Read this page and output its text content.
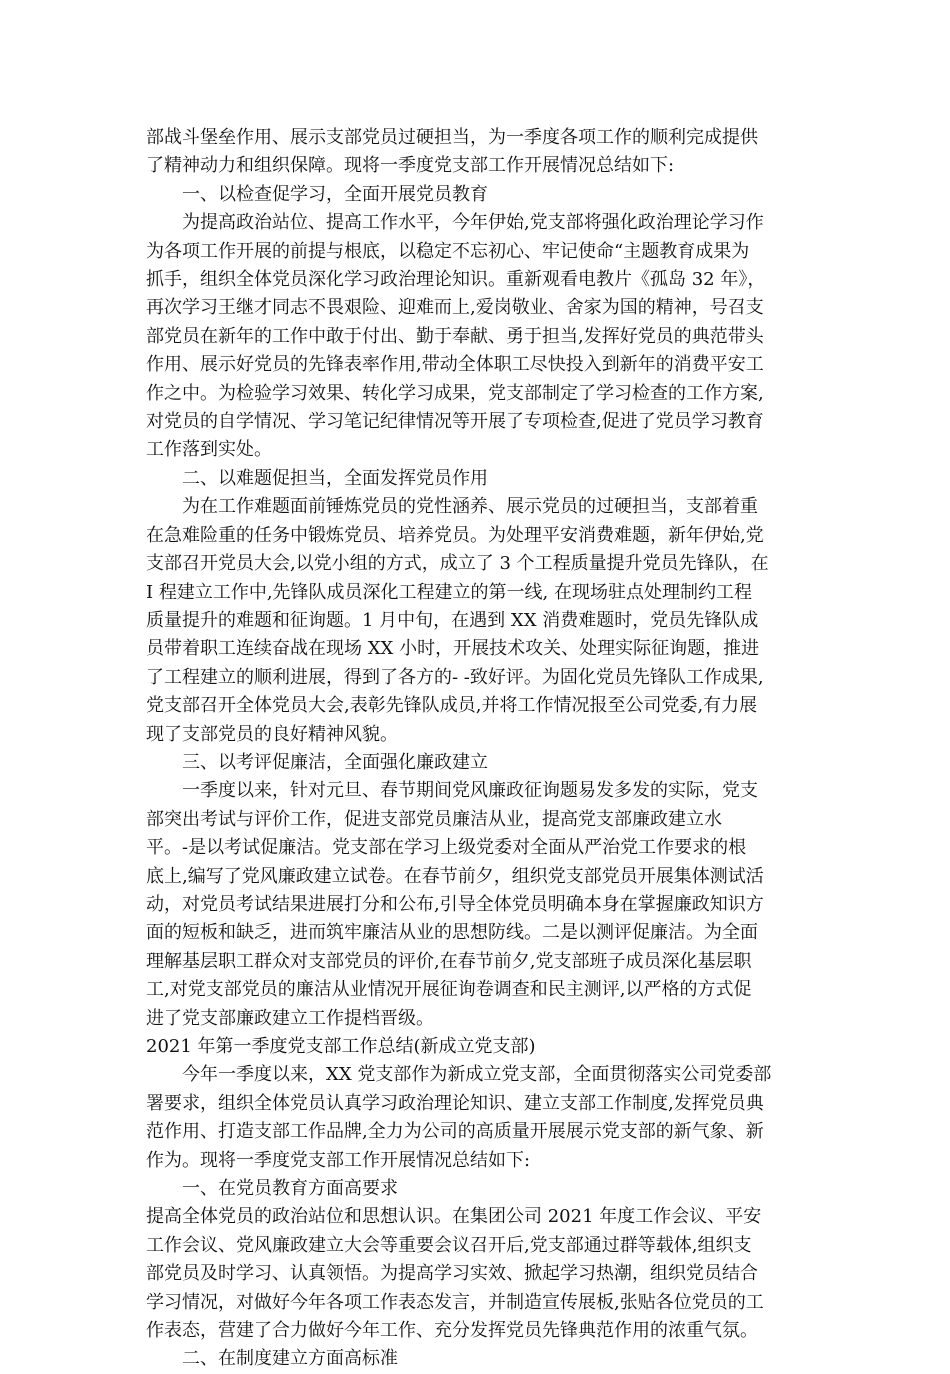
部战斗堡垒作用、展示支部党员过硬担当，为一季度各项工作的顺利完成提供
了精神动力和组织保障。现将一季度党支部工作开展情况总结如下:
一、以检查促学习，全面开展党员教育
为提高政治站位、提高工作水平，今年伊始,党支部将强化政治理论学习作
为各项工作开展的前提与根底，以稳定不忘初心、牢记使命“主题教育成果为
抓手，组织全体党员深化学习政治理论知识。重新观看电教片《孤岛 32 年》，
再次学习王继才同志不畏艰险、迎难而上,爱岗敬业、舍家为国的精神，号召支
部党员在新年的工作中敢于付出、勤于奉献、勇于担当,发挥好党员的典范带头
作用、展示好党员的先锋表率作用,带动全体职工尽快投入到新年的消费平安工
作之中。为检验学习效果、转化学习成果，党支部制定了学习检查的工作方案,
对党员的自学情况、学习笔记纪律情况等开展了专项检查,促进了党员学习教育
工作落到实处。
二、以难题促担当，全面发挥党员作用
为在工作难题面前锤炼党员的党性涵养、展示党员的过硬担当，支部着重
在急难险重的任务中锻炼党员、培养党员。为处理平安消费难题，新年伊始,党
支部召开党员大会,以党小组的方式，成立了 3 个工程质量提升党员先锋队，在
I 程建立工作中,先锋队成员深化工程建立的第一线, 在现场驻点处理制约工程
质量提升的难题和征询题。1 月中旬，在遇到 XX 消费难题时，党员先锋队成
员带着职工连续奋战在现场 XX 小时，开展技术攻关、处理实际征询题，推进
了工程建立的顺利进展，得到了各方的- -致好评。为固化党员先锋队工作成果,
党支部召开全体党员大会,表彰先锋队成员,并将工作情况报至公司党委,有力展
现了支部党员的良好精神风貌。
三、以考评促廉洁，全面强化廉政建立
一季度以来，针对元旦、春节期间党风廉政征询题易发多发的实际，党支
部突出考试与评价工作，促进支部党员廉洁从业，提高党支部廉政建立水
平。-是以考试促廉洁。党支部在学习上级党委对全面从严治党工作要求的根
底上,编写了党风廉政建立试卷。在春节前夕，组织党支部党员开展集体测试活
动，对党员考试结果进展打分和公布,引导全体党员明确本身在掌握廉政知识方
面的短板和缺乏，进而筑牢廉洁从业的思想防线。二是以测评促廉洁。为全面
理解基层职工群众对支部党员的评价,在春节前夕,党支部班子成员深化基层职
工,对党支部党员的廉洁从业情况开展征询卷调查和民主测评,以严格的方式促
进了党支部廉政建立工作提档晋级。
2021 年第一季度党支部工作总结(新成立党支部)
今年一季度以来，XX 党支部作为新成立党支部，全面贯彻落实公司党委部
署要求，组织全体党员认真学习政治理论知识、建立支部工作制度,发挥党员典
范作用、打造支部工作品牌,全力为公司的高质量开展展示党支部的新气象、新
作为。现将一季度党支部工作开展情况总结如下:
一、在党员教育方面高要求
提高全体党员的政治站位和思想认识。在集团公司 2021 年度工作会议、平安
工作会议、党风廉政建立大会等重要会议召开后,党支部通过群等载体,组织支
部党员及时学习、认真领悟。为提高学习实效、掀起学习热潮，组织党员结合
学习情况，对做好今年各项工作表态发言，并制造宣传展板,张贴各位党员的工
作表态，营建了合力做好今年工作、充分发挥党员先锋典范作用的浓重气氛。
二、在制度建立方面高标准
